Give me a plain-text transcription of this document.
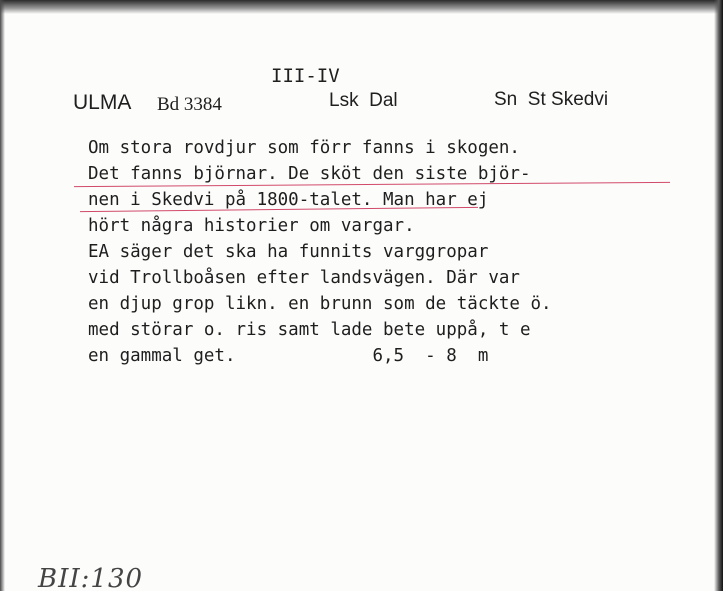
III-IV
ULMA Bd 3384	Lsk  Dal	Sn  St Skedvi
Om stora rovdjur som förr fanns i skogen.
Det fanns björnar. De sköt den siste björ-
nen i Skedvi på 1800-talet. Man har ej
hört några historier om vargar.
EA säger det ska ha funnits varggropar
vid Trollboåsen efter landsvägen. Där var
en djup grop likn. en brunn som de täckte ö.
med störar o. ris samt lade bete uppå, t e
en gammal get.             6,5  - 8  m
BII:130
